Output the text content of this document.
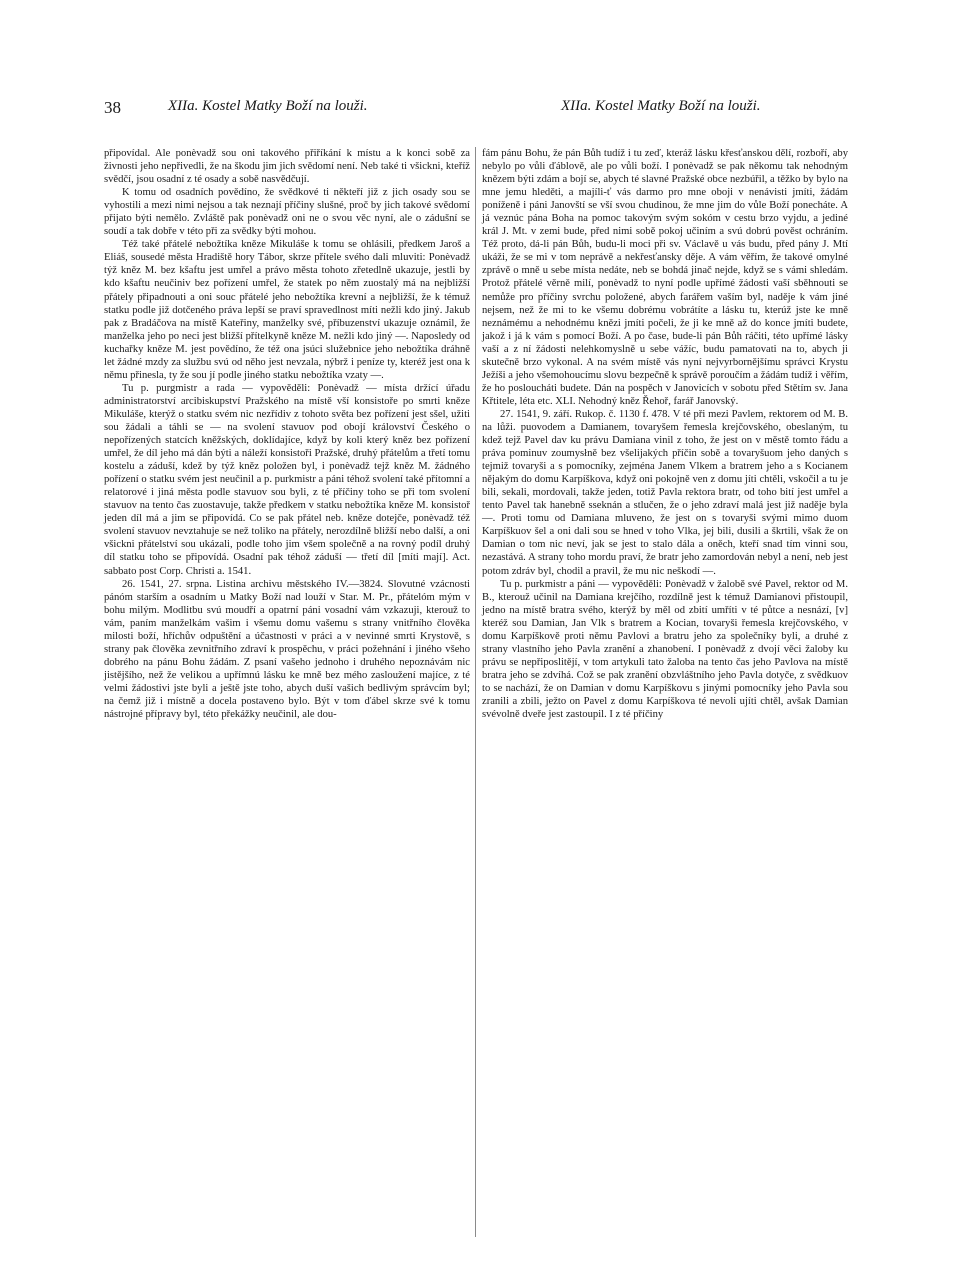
38	XIIa. Kostel Matky Boží na louži.	XIIa. Kostel Matky Boží na louži.

připovídal. Ale ponèvadž sou oni takového přiříkání k místu a k konci sobě za živnosti jeho nepřivedli, že na škodu jim jich svědomí není. Neb také ti všickni, kteříž svědčí, jsou osadní z té osady a sobě nasvědčují.

K tomu od osadních povědíno, že svědkové ti někteří již z jich osady sou se vyhostili a mezi nimi nejsou a tak neznají příčiny slušné, proč by jich takové svědomí přijato býti nemělo. Zvláště pak ponèvadž oni ne o svou věc nyní, ale o zádušní se soudí a tak dobře v této při za svědky býti mohou.

Též také přátelé nebožtíka kněze Mikuláše k tomu se ohlásili, předkem Jaroš a Eliáš, sousedé města Hradiště hory Tábor, skrze přítele svého dali mluviti: Ponèvadž týž kněz M. bez kšaftu jest umřel a právo města tohoto zřetedlně ukazuje, jestli by kdo kšaftu neučiniv bez pořízení umřel, že statek po něm zuostalý má na nejbližší přátely připadnouti a oni souc přátelé jeho nebožtíka krevní a nejbližší, že k témuž statku podle již dotčeného práva lepší se praví spravedlnost míti nežli kdo jiný. Jakub pak z Bradáčova na místě Kateřiny, manželky své, příbuzenství ukazuje oznámil, že manželka jeho po neci jest bližší přítelkyně kněze M. nežli kdo jiný —. Naposledy od kuchařky kněze M. jest povědíno, že též ona jsúci služebnice jeho nebožtíka dráhně let žádné mzdy za službu svú od něho jest nevzala, nýbrž i peníze ty, kteréž jest ona k němu přinesla, ty že sou jí podle jiného statku nebožtíka vzaty —.

Tu p. purgmistr a rada — vypověděli: Ponèvadž — místa držící úřadu administratorství arcibiskupství Pražského na místě vší konsistoře po smrti kněze Mikuláše, kterýž o statku svém nic nezřídiv z tohoto světa bez pořízení jest sšel, užiti sou žádali a táhli se — na svolení stavuov pod obojí království Českého o nepořízených statcích kněžských, doklídajíce, když by koli který kněz bez pořízení umřel, že díl jeho má dán býti a náleží konsistoři Pražské, druhý přátelům a třetí tomu kostelu a záduší, kdež by týž kněz položen byl, i ponèvadž tejž kněz M. žádného pořízení o statku svém jest neučinil a p. purkmistr a páni téhož svolení také přítomní a relatorové i jiná města podle stavuov sou byli, z té příčiny toho se při tom svolení stavuov na tento čas zuostavuje, takže předkem v statku nebožtíka kněze M. konsistoř jeden díl má a jim se připovídá. Co se pak přátel neb. kněze dotejče, ponèvadž též svolení stavuov nevztahuje se než toliko na přátely, nerozdílně bližší nebo další, a oni všickni přátelství sou ukázali, podle toho jim všem společně a na rovný podíl druhý díl statku toho se připovídá. Osadní pak téhož záduší — třetí díl [míti mají]. Act. sabbato post Corp. Christi a. 1541.

26. 1541, 27. srpna. Listina archivu městského IV.—3824. Slovutné vzácnosti pánóm starším a osadním u Matky Boží nad louží v Star. M. Pr., přátelóm mým v bohu milým. Modlitbu svú moudří a opatrní páni vosadní vám vzkazuji, kterouž to vám, paním manželkám vašim i všemu domu vašemu s strany vnitřního člověka milosti boží, hříchův odpuštění a účastnosti v práci a v nevinné smrti Krystově, s strany pak člověka zevnitřního zdraví k prospěchu, v práci požehnání i jiného všeho dobrého na pánu Bohu žádám. Z psaní vašeho jednoho i druhého nepoznávám nic jistějšího, než že velikou a upřímnú lásku ke mně bez mého zasloužení majíce, z té velmi žádostivi jste byli a ještě jste toho, abych duší vašich bedlivým správcím byl; na čemž již i místně a docela postaveno bylo. Být v tom ďábel skrze své k tomu nástrojné přípravy byl, této překážky neučinil, ale dou-

fám pánu Bohu, že pán Bůh tudíž i tu zeď, kteráž lásku křesťanskou dělí, rozboří, aby nebylo po vůli ďáblově, ale po vůli boží. I ponèvadž se pak někomu tak nehodným knězem býti zdám a bojí se, abych té slavné Pražské obce nezbúřil, a těžko by bylo na mne jemu hleděti, a majíli-ť vás darmo pro mne oboji v nenávisti jmíti, žádám poníženě i páni Janovští se vší svou chudinou, že mne jim do vůle Boží ponecháte. A já veznúc pána Boha na pomoc takovým svým sokóm v cestu brzo vyjdu, a jediné král J. Mt. v zemi bude, před nimi sobě pokoj učiním a svú dobrú pověst ochráním. Též proto, dá-li pán Bůh, budu-li moci při sv. Václavě u vás budu, před pány J. Mtí ukáži, že se mi v tom neprávě a nekřesťansky děje. A vám věřím, že takové omylné zprávě o mně u sebe místa nedáte, neb se bohdá jinač nejde, když se s vámi shledám. Protož přátelé věrně milí, ponèvadž to nyní podle upřímé žádosti vaší sběhnouti se nemůže pro příčiny svrchu položené, abych farářem vaším byl, naděje k vám jiné nejsem, než že mi to ke všemu dobrému vobrátíte a lásku tu, kterúž jste ke mně neznámému a nehodnému knězi jmíti počeli, že ji ke mně až do konce jmíti budete, jakož i já k vám s pomocí Boží. A po čase, bude-li pán Bůh ráčiti, této upřímé lásky vaší a z ní žádosti nelehkomyslně u sebe vážíc, budu pamatovati na to, abych ji skutečně brzo vykonal. A na svém místě vás nyní nejvyrbornějšímu správci Krystu Ježíši a jeho všemohoucímu slovu bezpečně k správě poroučím a žádám tudíž i věřím, že ho posloucháti budete. Dán na pospěch v Janovicích v sobotu před Stětím sv. Jana Křtitele, léta etc. XLI. Nehodný kněz Řehoř, farář Janovský.

27. 1541, 9. září. Rukop. č. 1130 f. 478. V té při mezi Pavlem, rektorem od M. B. na lůži. puovodem a Damianem, tovaryšem řemesla krejčovského, obeslaným, tu kdež tejž Pavel dav ku právu Damiana vinil z toho, že jest on v městě tomto řádu a práva pominuv zoumysłně bez všelijakých příčin sobě a tovaryšuom jeho daných s tejmiž tovaryši a s pomocníky, zejména Janem Vlkem a bratrem jeho a s Kocianem nějakým do domu Karpíškova, když oni pokojně ven z domu jíti chtěli, vskočil a tu je bili, sekali, mordovali, takže jeden, totiž Pavla rektora bratr, od toho bití jest umřel a tento Pavel tak hanebně sseknán a stlučen, že o jeho zdraví malá jest již naděje byla —. Proti tomu od Damiana mluveno, že jest on s tovaryši svými mimo duom Karpíškuov šel a oni dali sou se hned v toho Vlka, jej bili, dusili a škrtili, však že on Damian o tom nic neví, jak se jest to stalo dála a oněch, kteří snad tím vinni sou, nezastává. A strany toho mordu praví, že bratr jeho zamordován nebyl a není, neb jest potom zdráv byl, chodil a pravil, že mu nic neškodí —.

Tu p. purkmistr a páni — vypověděli: Ponèvadž v žalobě své Pavel, rektor od M. B., kterouž učinil na Damiana krejčího, rozdílně jest k témuž Damianovi přistoupil, jedno na místě bratra svého, kterýž by měl od zbití umříti v té půtce a nesnází, [v] kteréž sou Damian, Jan Vlk s bratrem a Kocian, tovaryši řemesla krejčovského, v domu Karpíškově proti němu Pavlovi a bratru jeho za společníky byli, a druhé z strany vlastního jeho Pavla zranění a zhanobení. I ponèvadž z dvojí věci žaloby ku právu se nepřiposlitějí, v tom artykuli tato žaloba na tento čas jeho Pavlova na místě bratra jeho se zdvíhá. Což se pak zranění obzvláštního jeho Pavla dotyče, z svědkuov to se nachází, že on Damian v domu Karpíškovu s jinými pomocníky jeho Pavla sou zranili a zbili, ježto on Pavel z domu Karpíškova té nevoli ujíti chtěl, avšak Damian svévolně dveře jest zastoupil. I z té příčiny
